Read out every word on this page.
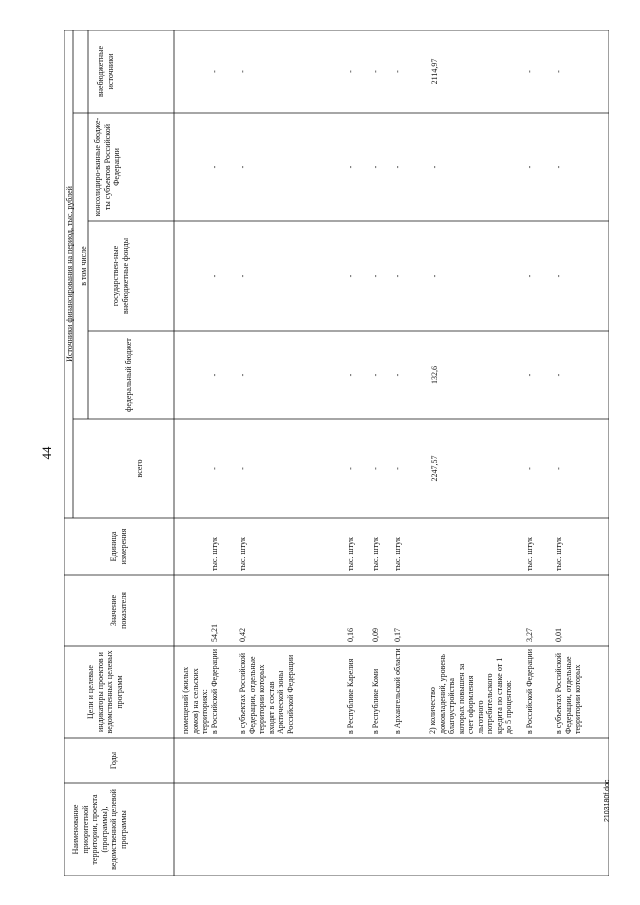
44
Наименование приоритетной территории, проекта (программы), ведомственной целевой программы
Годы
Цели и целевые индикаторы проектов и ведомственных целевых программ
Значение показателя
Единица измерения
Источники финансирования на период, тыс. рублей
всего
в том числе
федеральный бюджет
государствен-ные внебюджетные фонды
консолидиро-ванные бюдже-ты субъектов Российской Федерации
внебюджетные источники
помещений (жилых домов) на сельских территориях: в Российской Федерации
54,21
тыс. штук
-
-
-
-
-
в субъектах Российской Федерации, отдельные территории которых входят в состав Арктической зоны Российской Федерации
0,42
тыс. штук
-
-
-
-
-
в Республике Карелия
0,16
тыс. штук
-
-
-
-
-
в Республике Коми
0,09
тыс. штук
-
-
-
-
-
в Архангельской области
0,17
тыс. штук
-
-
-
-
-
2) количество домовладений, уровень благоустройства которых повышен за счет оформления льготного потребительского кредита по ставке от 1 до 5 процентов:
2247,57
132,6
-
-
2114,97
в Российской Федерации
3,27
тыс. штук
-
-
-
-
-
в субъектах Российской Федерации, отдельные территории которых
0,01
тыс. штук
-
-
-
-
-
2103180f.doc
